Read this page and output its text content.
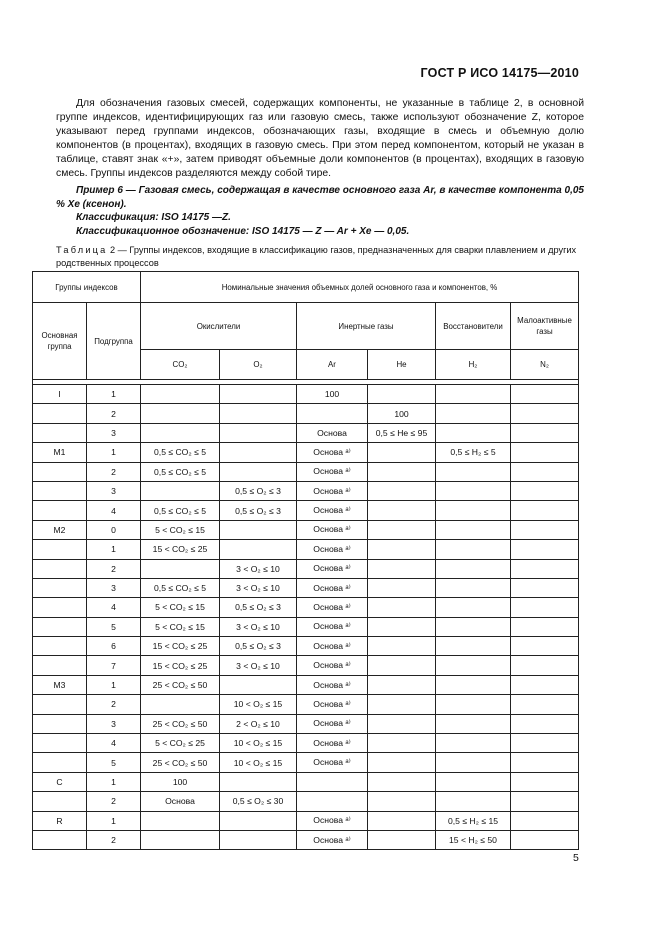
ГОСТ Р ИСО 14175—2010

Для обозначения газовых смесей, содержащих компоненты, не указанные в таблице 2, в основной группе индексов, идентифицирующих газ или газовую смесь, также используют обозначение Z, которое указывают перед группами индексов, обозначающих газы, входящие в смесь и объемную долю компонентов (в процентах), входящих в газовую смесь. При этом перед компонентом, который не указан в таблице, ставят знак «+», затем приводят объемные доли компонентов (в процентах), входящих в газовую смесь. Группы индексов разделяются между собой тире.

Пример 6 — Газовая смесь, содержащая в качестве основного газа Ar, в качестве компонента 0,05 % Xe (ксенон).

Классификация: ISO 14175 —Z.

Классификационное обозначение: ISO 14175 — Z — Ar + Xe — 0,05.

Таблица 2 — Группы индексов, входящие в классификацию газов, предназначенных для сварки плавлением и других родственных процессов
Группы индексов		Номинальные значения объемных долей основного газа и компонентов, %					
Основная группа	Подгруппа	Окислители		Инертные газы		Восстановители	Малоактивные газы
		CO₂	O₂	Ar	He	H₂	N₂

I	1			100			
	2				100		
	3			Основа	0,5 ≤ He ≤ 95		
M1	1	0,5 ≤ CO₂ ≤ 5		Основа ᵃ⁾		0,5 ≤ H₂ ≤ 5	
	2	0,5 ≤ CO₂ ≤ 5		Основа ᵃ⁾			
	3		0,5 ≤ O₂ ≤ 3	Основа ᵃ⁾			
	4	0,5 ≤ CO₂ ≤ 5	0,5 ≤ O₂ ≤ 3	Основа ᵃ⁾			
M2	0	5 < CO₂ ≤ 15		Основа ᵃ⁾			
	1	15 < CO₂ ≤ 25		Основа ᵃ⁾			
	2		3 < O₂ ≤ 10	Основа ᵃ⁾			
	3	0,5 ≤ CO₂ ≤ 5	3 < O₂ ≤ 10	Основа ᵃ⁾			
	4	5 < CO₂ ≤ 15	0,5 ≤ O₂ ≤ 3	Основа ᵃ⁾			
	5	5 < CO₂ ≤ 15	3 < O₂ ≤ 10	Основа ᵃ⁾			
	6	15 < CO₂ ≤ 25	0,5 ≤ O₂ ≤ 3	Основа ᵃ⁾			
	7	15 < CO₂ ≤ 25	3 < O₂ ≤ 10	Основа ᵃ⁾			
M3	1	25 < CO₂ ≤ 50		Основа ᵃ⁾			
	2		10 < O₂ ≤ 15	Основа ᵃ⁾			
	3	25 < CO₂ ≤ 50	2 < O₂ ≤ 10	Основа ᵃ⁾			
	4	5 < CO₂ ≤ 25	10 < O₂ ≤ 15	Основа ᵃ⁾			
	5	25 < CO₂ ≤ 50	10 < O₂ ≤ 15	Основа ᵃ⁾			
C	1	100					
	2	Основа	0,5 ≤ O₂ ≤ 30				
R	1			Основа ᵃ⁾		0,5 ≤ H₂ ≤ 15	
	2			Основа ᵃ⁾		15 < H₂ ≤ 50	
5
